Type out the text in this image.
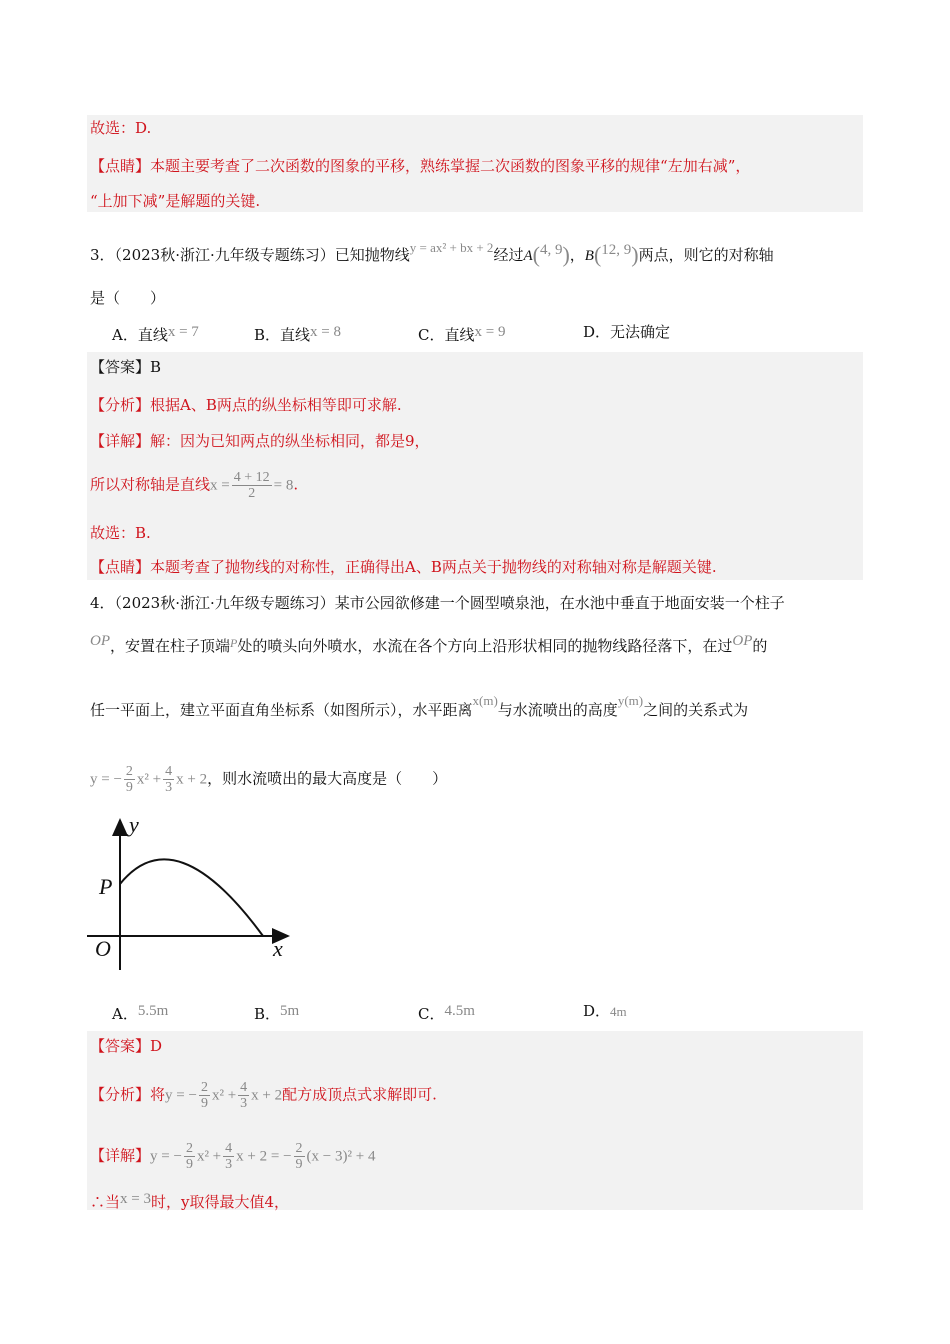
故选：D.
【点睛】本题主要考查了二次函数的图象的平移，熟练掌握二次函数的图象平移的规律“左加右减”，
“上加下减”是解题的关键.
3．（2023秋·浙江·九年级专题练习）已知抛物线y = ax² + bx + 2经过A(4, 9)，B(12, 9)两点，则它的对称轴
是（　　）
A．直线x = 7	B．直线x = 8	C．直线x = 9	D．无法确定
【答案】B
【分析】根据A、B两点的纵坐标相等即可求解.
【详解】解：因为已知两点的纵坐标相同，都是9，
所以对称轴是直线$x = \frac{4 + 12}{2} = 8$.
故选：B.
【点睛】本题考查了抛物线的对称性，正确得出A、B两点关于抛物线的对称轴对称是解题关键.
4．（2023秋·浙江·九年级专题练习）某市公园欲修建一个圆型喷泉池，在水池中垂直于地面安装一个柱子
OP，安置在柱子顶端$^P$处的喷头向外喷水，水流在各个方向上沿形状相同的抛物线路径落下，在过OP的
任一平面上，建立平面直角坐标系（如图所示），水平距离x(m)与水流喷出的高度y(m)之间的关系式为
y = − $\frac{2}{9} x^2 + \frac{4}{3}$ x + 2，则水流喷出的最大高度是（　　）
y
x
P
O
A．5.5m	B．5m	C．4.5m	D．4m
【答案】D
【分析】将y = − $\frac{2}{9} x^2 + \frac{4}{3}$ x + 2配方成顶点式求解即可.
【详解】y = − $\frac{2}{9} x^2 + \frac{4}{3}$ x + 2 = − $\frac{2}{9} (x - 3)^2 + 4$
∴当x = 3时，y取得最大值4，
